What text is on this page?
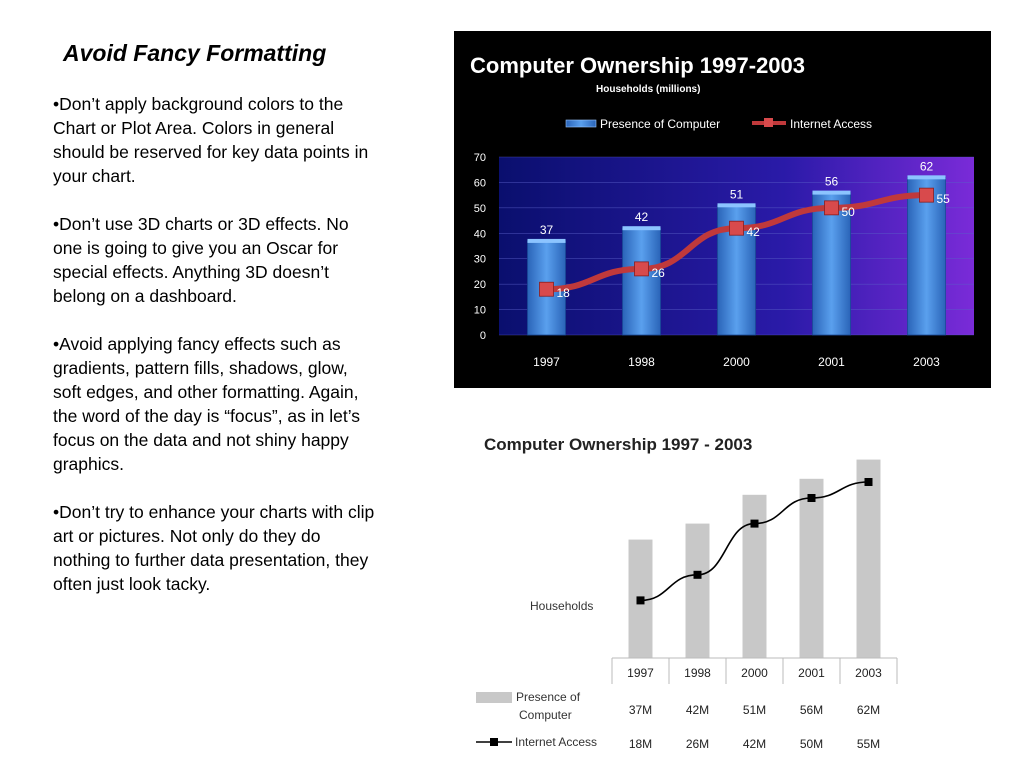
Avoid Fancy Formatting

•Don’t apply background colors to the Chart or Plot Area. Colors in general should be reserved for key data points in your chart.

•Don’t use 3D charts or 3D effects. No one is going to give you an Oscar for special effects. Anything 3D doesn’t belong on a dashboard.

•Avoid applying fancy effects such as gradients, pattern fills, shadows, glow, soft edges, and other formatting. Again, the word of the day is “focus”, as in let’s focus on the data and not shiny happy graphics.

•Don’t try to enhance your charts with clip art or pictures. Not only do they do nothing to further data presentation, they often just look tacky.

0
10
20
30
40
50
60
70
37
1997
42
1998
51
2000
56
2001
62
2003
18
26
42
50
55
Computer Ownership 1997-2003
Households (millions)
Presence of Computer	Internet Access
1997
37M
18M
1998
42M
26M
2000
51M
42M
2001
56M
50M
2003
62M
55M
Computer Ownership 1997 - 2003
Households
Presence of Computer
Internet Access
